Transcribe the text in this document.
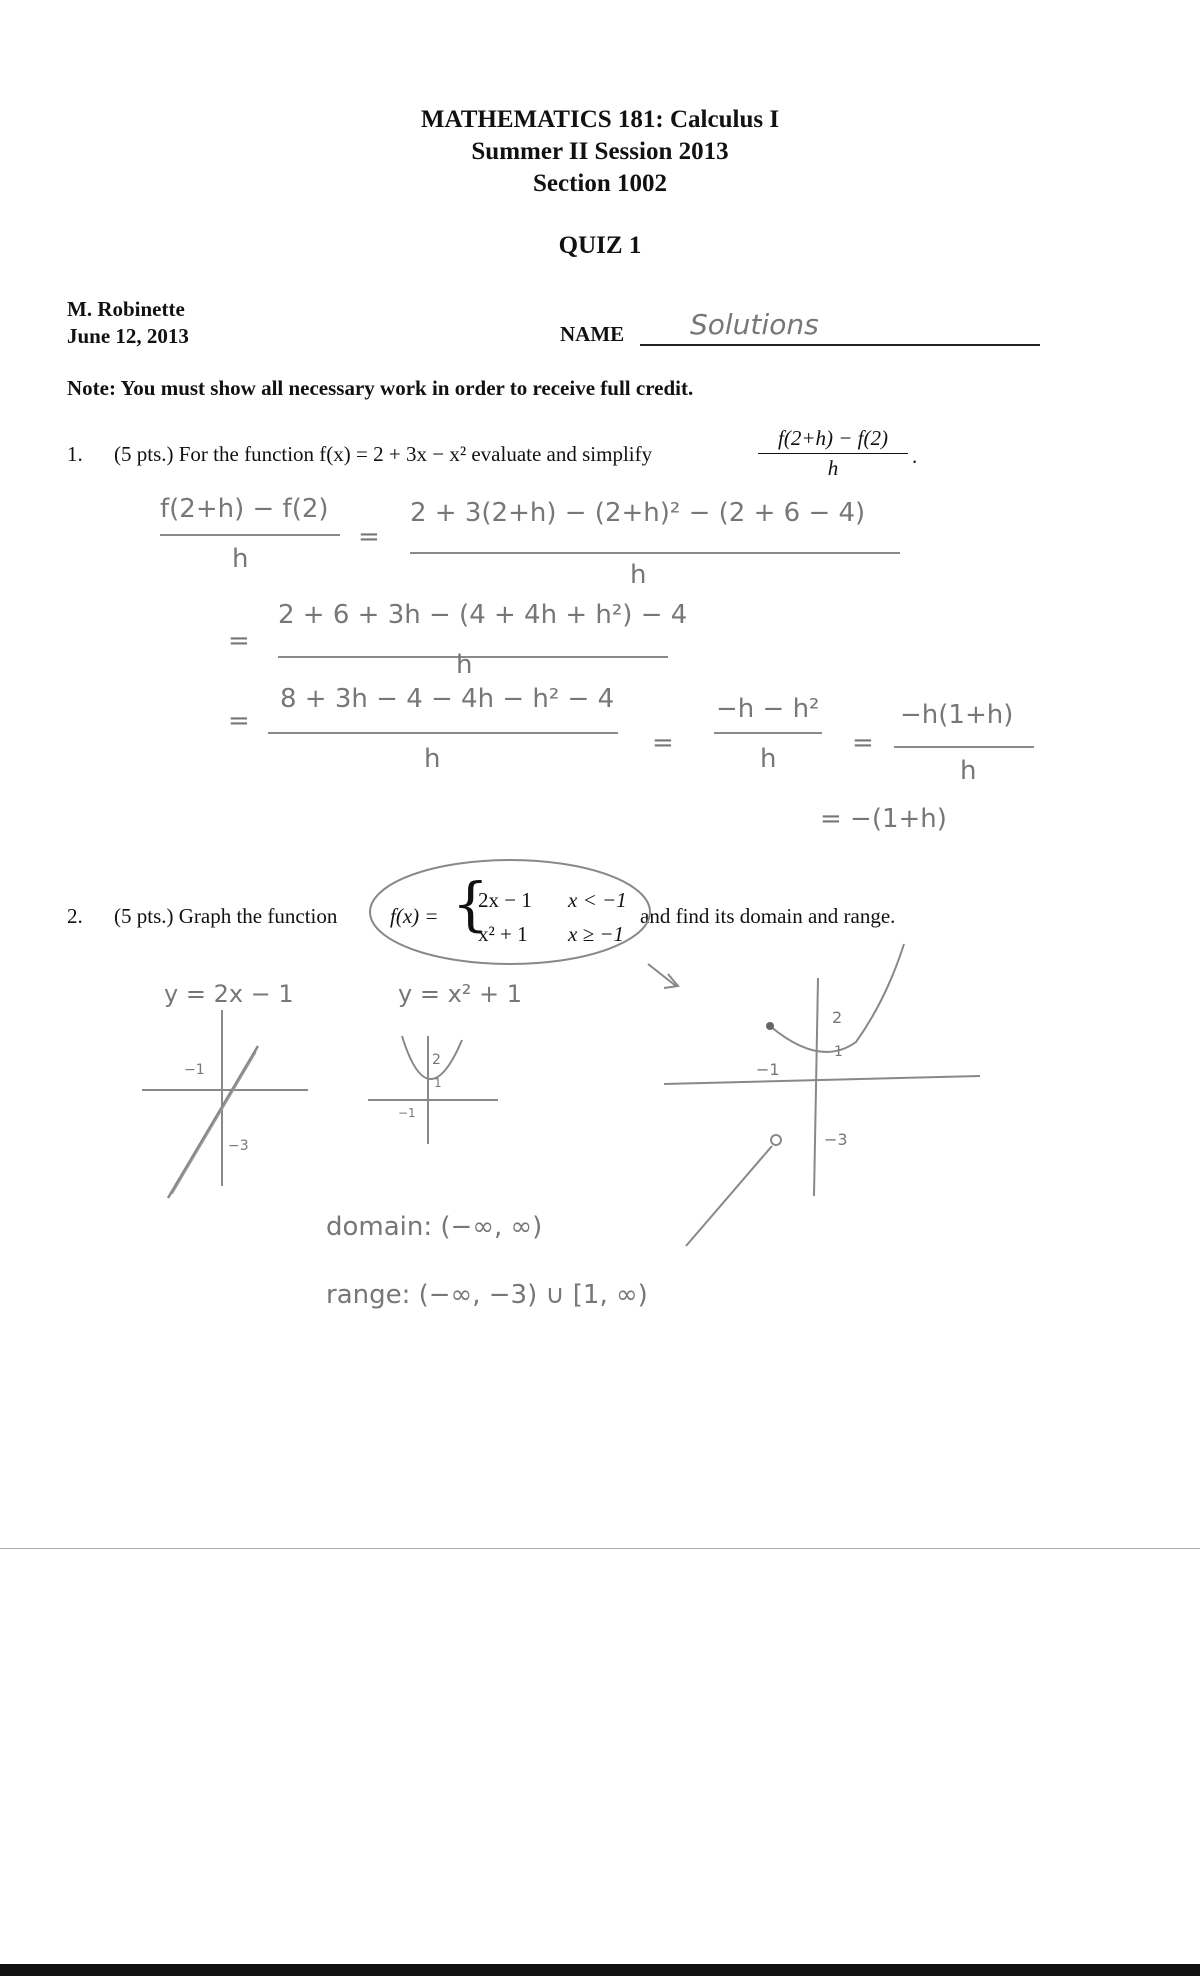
MATHEMATICS 181: Calculus I
Summer II Session 2013
Section 1002
QUIZ 1
M. Robinette
June 12, 2013	NAME Solutions
Note: You must show all necessary work in order to receive full credit.
1. (5 pts.) For the function f(x) = 2 + 3x − x² evaluate and simplify	$\frac{f(2+h) - f(2)}{h}$ .
f(2+h) − f(2)
h
=
2 + 3(2+h) − (2+h)² − (2 + 6 − 4)
h
=
2 + 6 + 3h − (4 + 4h + h²) − 4
h
=
8 + 3h − 4 − 4h − h² − 4
h
=
−h − h²
h
=
−h(1+h)
h
= −(1+h)
2. (5 pts.) Graph the function	f(x) = {
2x − 1 x < −1
x² + 1 x ≥ −1
and find its domain and range.
y = 2x − 1
−1
−3
y = x² + 1
2
1
−1
2
1
−1
−3
domain: (−∞, ∞)
range: (−∞, −3) ∪ [1, ∞)
